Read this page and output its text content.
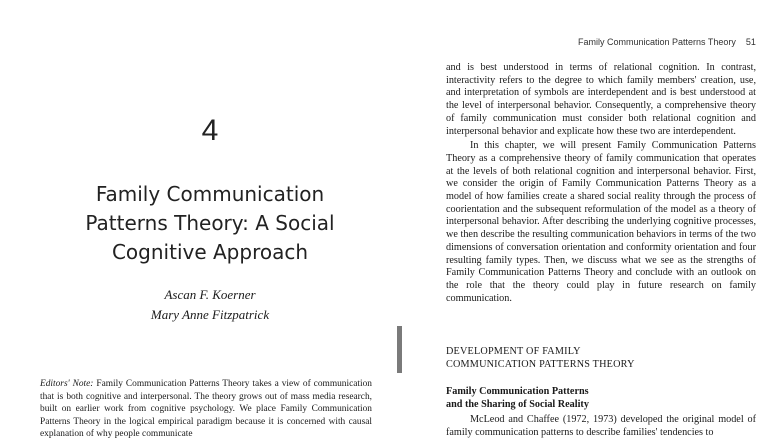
4
Family Communication
Patterns Theory: A Social
Cognitive Approach
Ascan F. Koerner
Mary Anne Fitzpatrick
Editors' Note: Family Communication Patterns Theory takes a view of communication that is both cognitive and interpersonal. The theory grows out of mass media research, built on earlier work from cognitive psychology. We place Family Communication Patterns Theory in the logical empirical paradigm because it is concerned with causal explanation of why people communicate
Family Communication Patterns Theory 51

and is best understood in terms of relational cognition. In contrast, interactivity refers to the degree to which family members' creation, use, and interpretation of symbols are interdependent and is best understood at the level of interpersonal behavior. Consequently, a comprehensive theory of family communication must consider both relational cognition and interpersonal behavior and explicate how these two are interdependent.

In this chapter, we will present Family Communication Patterns Theory as a comprehensive theory of family communication that operates at the levels of both relational cognition and interpersonal behavior. First, we consider the origin of Family Communication Patterns Theory as a model of how families create a shared social reality through the process of coorientation and the subsequent reformulation of the model as a theory of interpersonal behavior. After describing the underlying cognitive processes, we then describe the resulting communication behaviors in terms of the two dimensions of conversation orientation and conformity orientation and four resulting family types. Then, we discuss what we see as the strengths of Family Communication Patterns Theory and conclude with an outlook on the role that the theory could play in future research on family communication.

DEVELOPMENT OF FAMILY
COMMUNICATION PATTERNS THEORY
Family Communication Patterns
and the Sharing of Social Reality

McLeod and Chaffee (1972, 1973) developed the original model of family communication patterns to describe families' tendencies to
